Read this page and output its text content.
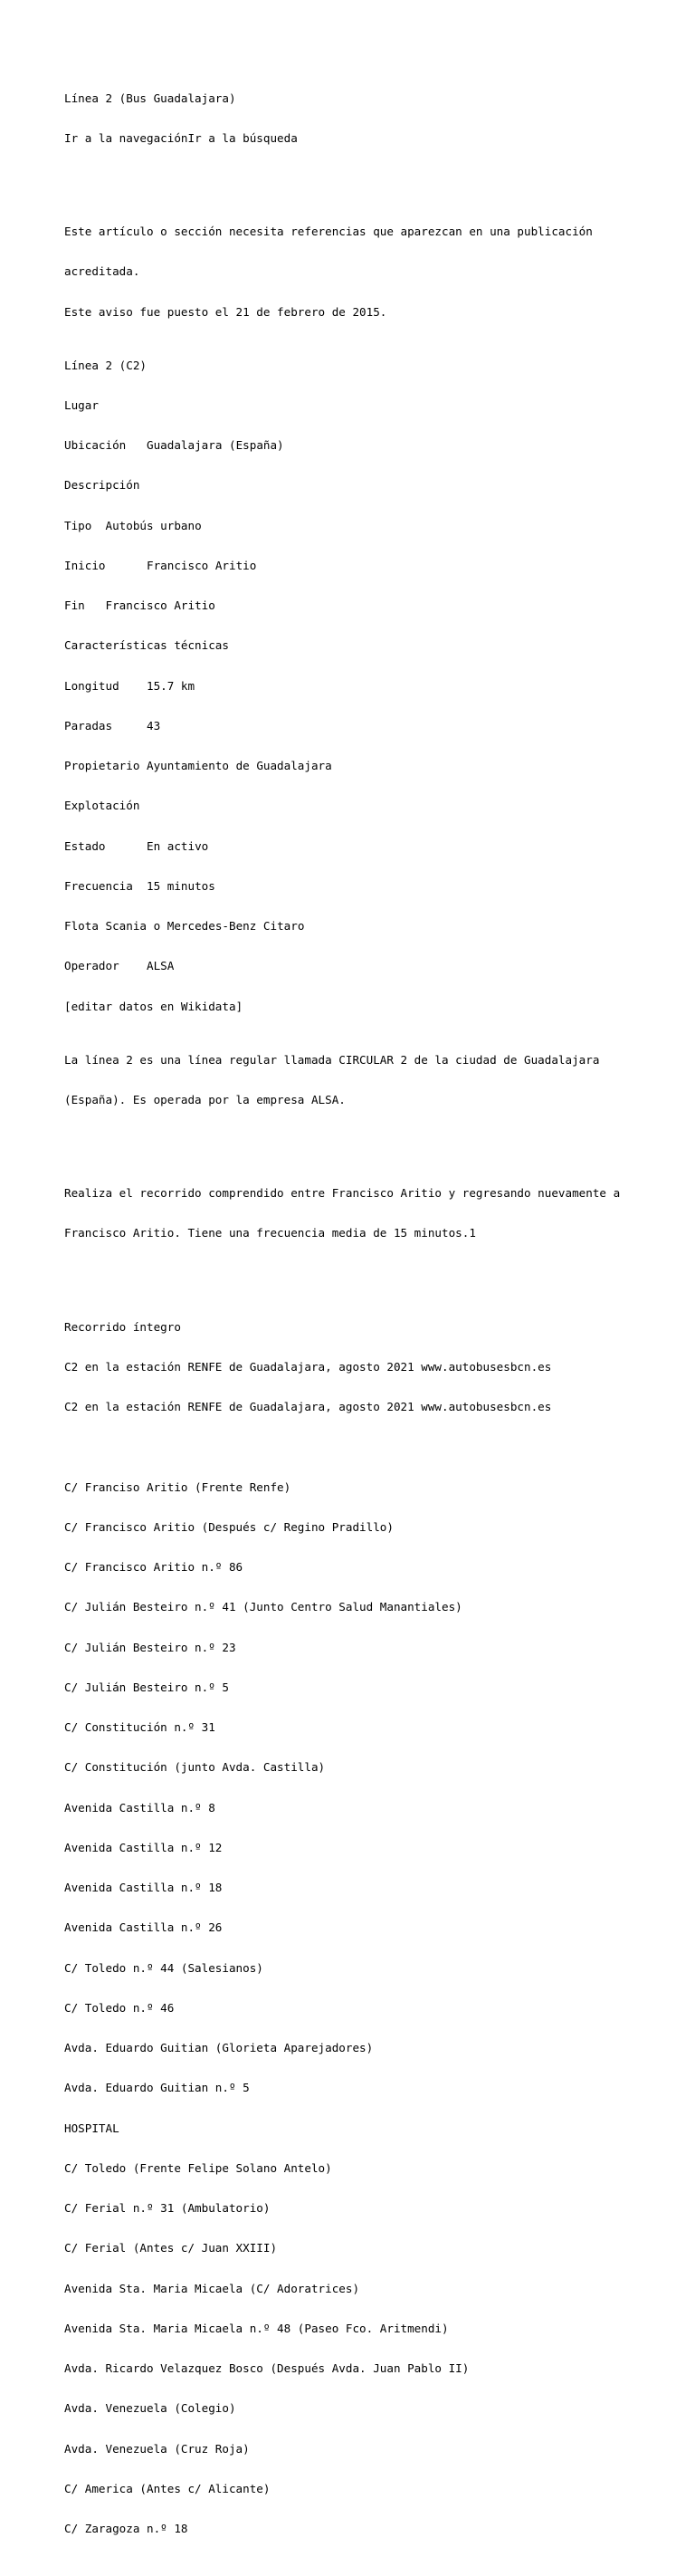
Línea 2 (Bus Guadalajara)

Ir a la navegaciónIr a la búsqueda

Este artículo o sección necesita referencias que aparezcan en una publicación

acreditada.

Este aviso fue puesto el 21 de febrero de 2015.

Línea 2 (C2)

Lugar

Ubicación Guadalajara (España)

Descripción

Tipo Autobús urbano

Inicio	Francisco Aritio

Fin Francisco Aritio

Características técnicas

Longitud 15.7 km

Paradas	43

Propietario Ayuntamiento de Guadalajara

Explotación

Estado	En activo

Frecuencia 15 minutos

Flota Scania o Mercedes-Benz Citaro

Operador ALSA

[editar datos en Wikidata]

La línea 2 es una línea regular llamada CIRCULAR 2 de la ciudad de Guadalajara

(España). Es operada por la empresa ALSA.

Realiza el recorrido comprendido entre Francisco Aritio y regresando nuevamente a

Francisco Aritio. Tiene una frecuencia media de 15 minutos.1

Recorrido íntegro

C2 en la estación RENFE de Guadalajara, agosto 2021 www.autobusesbcn.es

C2 en la estación RENFE de Guadalajara, agosto 2021 www.autobusesbcn.es

C/ Franciso Aritio (Frente Renfe)

C/ Francisco Aritio (Después c/ Regino Pradillo)

C/ Francisco Aritio n.º 86

C/ Julián Besteiro n.º 41 (Junto Centro Salud Manantiales)

C/ Julián Besteiro n.º 23

C/ Julián Besteiro n.º 5

C/ Constitución n.º 31

C/ Constitución (junto Avda. Castilla)

Avenida Castilla n.º 8

Avenida Castilla n.º 12

Avenida Castilla n.º 18

Avenida Castilla n.º 26

C/ Toledo n.º 44 (Salesianos)

C/ Toledo n.º 46

Avda. Eduardo Guitian (Glorieta Aparejadores)

Avda. Eduardo Guitian n.º 5

HOSPITAL

C/ Toledo (Frente Felipe Solano Antelo)

C/ Ferial n.º 31 (Ambulatorio)

C/ Ferial (Antes c/ Juan XXIII)

Avenida Sta. Maria Micaela (C/ Adoratrices)

Avenida Sta. Maria Micaela n.º 48 (Paseo Fco. Aritmendi)

Avda. Ricardo Velazquez Bosco (Después Avda. Juan Pablo II)

Avda. Venezuela (Colegio)

Avda. Venezuela (Cruz Roja)

C/ America (Antes c/ Alicante)

C/ Zaragoza n.º 18
